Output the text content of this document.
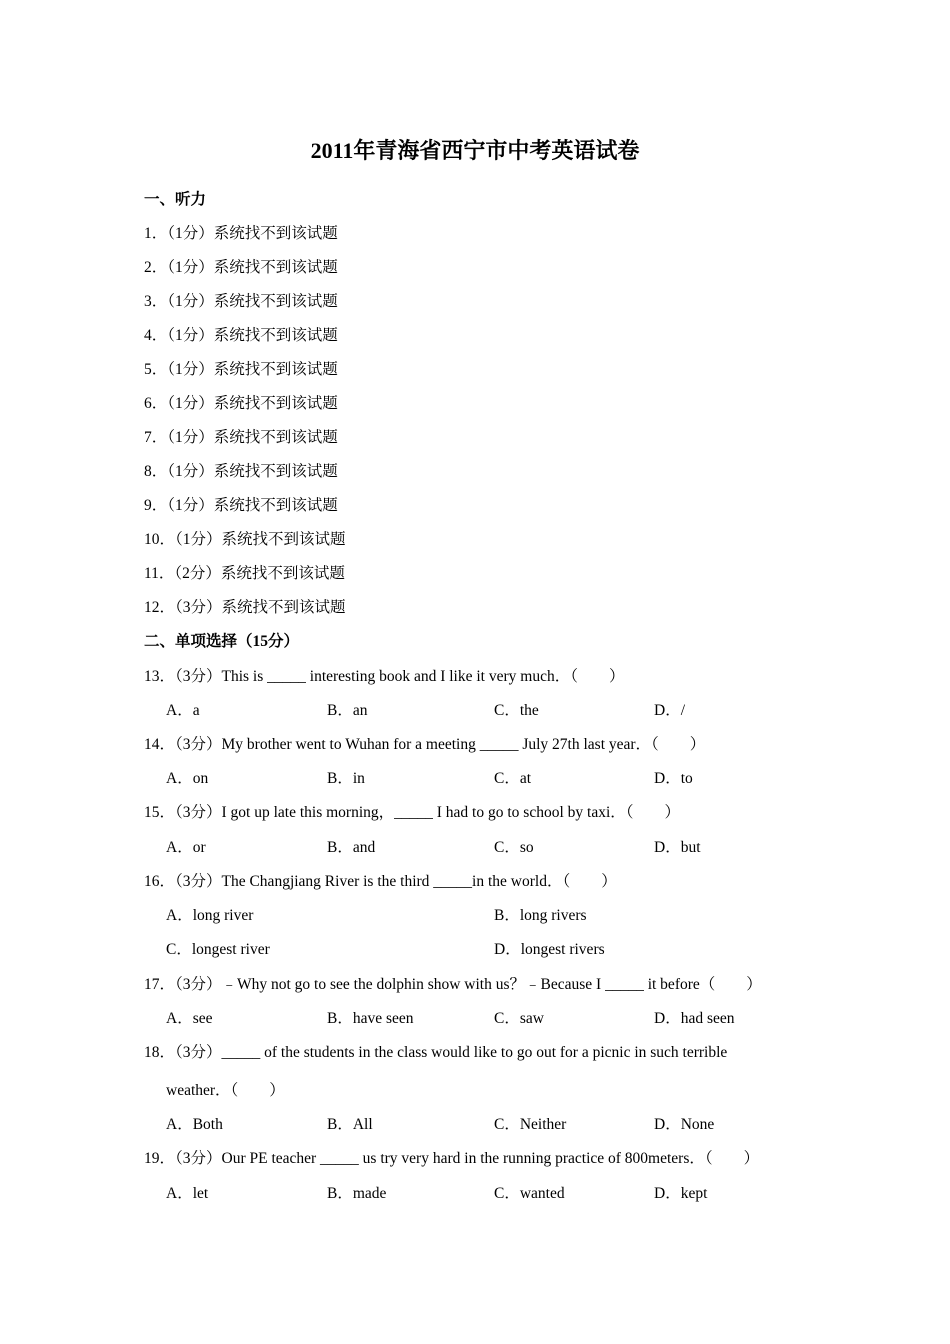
2011年青海省西宁市中考英语试卷
一、听力
1．（1分）系统找不到该试题
2．（1分）系统找不到该试题
3．（1分）系统找不到该试题
4．（1分）系统找不到该试题
5．（1分）系统找不到该试题
6．（1分）系统找不到该试题
7．（1分）系统找不到该试题
8．（1分）系统找不到该试题
9．（1分）系统找不到该试题
10．（1分）系统找不到该试题
11．（2分）系统找不到该试题
12．（3分）系统找不到该试题
二、单项选择（15分）
13．（3分）This is _____ interesting book and I like it very much．（　　）
A．a	B．an	C．the	D．/
14．（3分）My brother went to Wuhan for a meeting _____ July 27th last year．（　　）
A．on	B．in	C．at	D．to
15．（3分）I got up late this morning，_____ I had to go to school by taxi．（　　）
A．or	B．and	C．so	D．but
16．（3分）The Changjiang River is the third _____in the world．（　　）
A．long river	B．long rivers
C．longest river	D．longest rivers
17．（3分）﹣Why not go to see the dolphin show with us？﹣Because I _____ it before（　　）
A．see	B．have seen	C．saw	D．had seen
18．（3分）_____ of the students in the class would like to go out for a picnic in such terrible
weather．（　　）
A．Both	B．All	C．Neither	D．None
19．（3分）Our PE teacher _____ us try very hard in the running practice of 800meters．（　　）
A．let	B．made	C．wanted	D．kept
